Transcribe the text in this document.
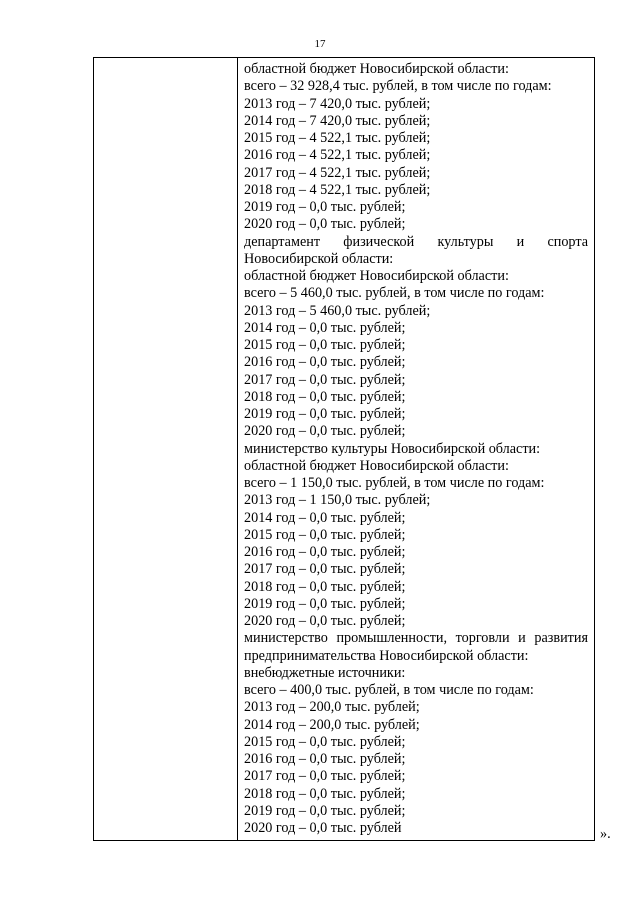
17
областной бюджет Новосибирской области:
всего – 32 928,4 тыс. рублей, в том числе по годам:
2013 год – 7 420,0 тыс. рублей;
2014 год – 7 420,0 тыс. рублей;
2015 год – 4 522,1 тыс. рублей;
2016 год – 4 522,1 тыс. рублей;
2017 год – 4 522,1 тыс. рублей;
2018 год – 4 522,1 тыс. рублей;
2019 год – 0,0 тыс. рублей;
2020 год – 0,0 тыс. рублей;
департамент физической культуры и спорта
Новосибирской области:
областной бюджет Новосибирской области:
всего – 5 460,0 тыс. рублей, в том числе по годам:
2013 год – 5 460,0 тыс. рублей;
2014 год – 0,0 тыс. рублей;
2015 год – 0,0 тыс. рублей;
2016 год – 0,0 тыс. рублей;
2017 год – 0,0 тыс. рублей;
2018 год – 0,0 тыс. рублей;
2019 год – 0,0 тыс. рублей;
2020 год – 0,0 тыс. рублей;
министерство культуры Новосибирской области:
областной бюджет Новосибирской области:
всего – 1 150,0 тыс. рублей, в том числе по годам:
2013 год – 1 150,0 тыс. рублей;
2014 год – 0,0 тыс. рублей;
2015 год – 0,0 тыс. рублей;
2016 год – 0,0 тыс. рублей;
2017 год – 0,0 тыс. рублей;
2018 год – 0,0 тыс. рублей;
2019 год – 0,0 тыс. рублей;
2020 год – 0,0 тыс. рублей;
министерство промышленности, торговли и развития
предпринимательства Новосибирской области:
внебюджетные источники:
всего – 400,0 тыс. рублей, в том числе по годам:
2013 год – 200,0 тыс. рублей;
2014 год – 200,0 тыс. рублей;
2015 год – 0,0 тыс. рублей;
2016 год – 0,0 тыс. рублей;
2017 год – 0,0 тыс. рублей;
2018 год – 0,0 тыс. рублей;
2019 год – 0,0 тыс. рублей;
2020 год – 0,0 тыс. рублей	».
